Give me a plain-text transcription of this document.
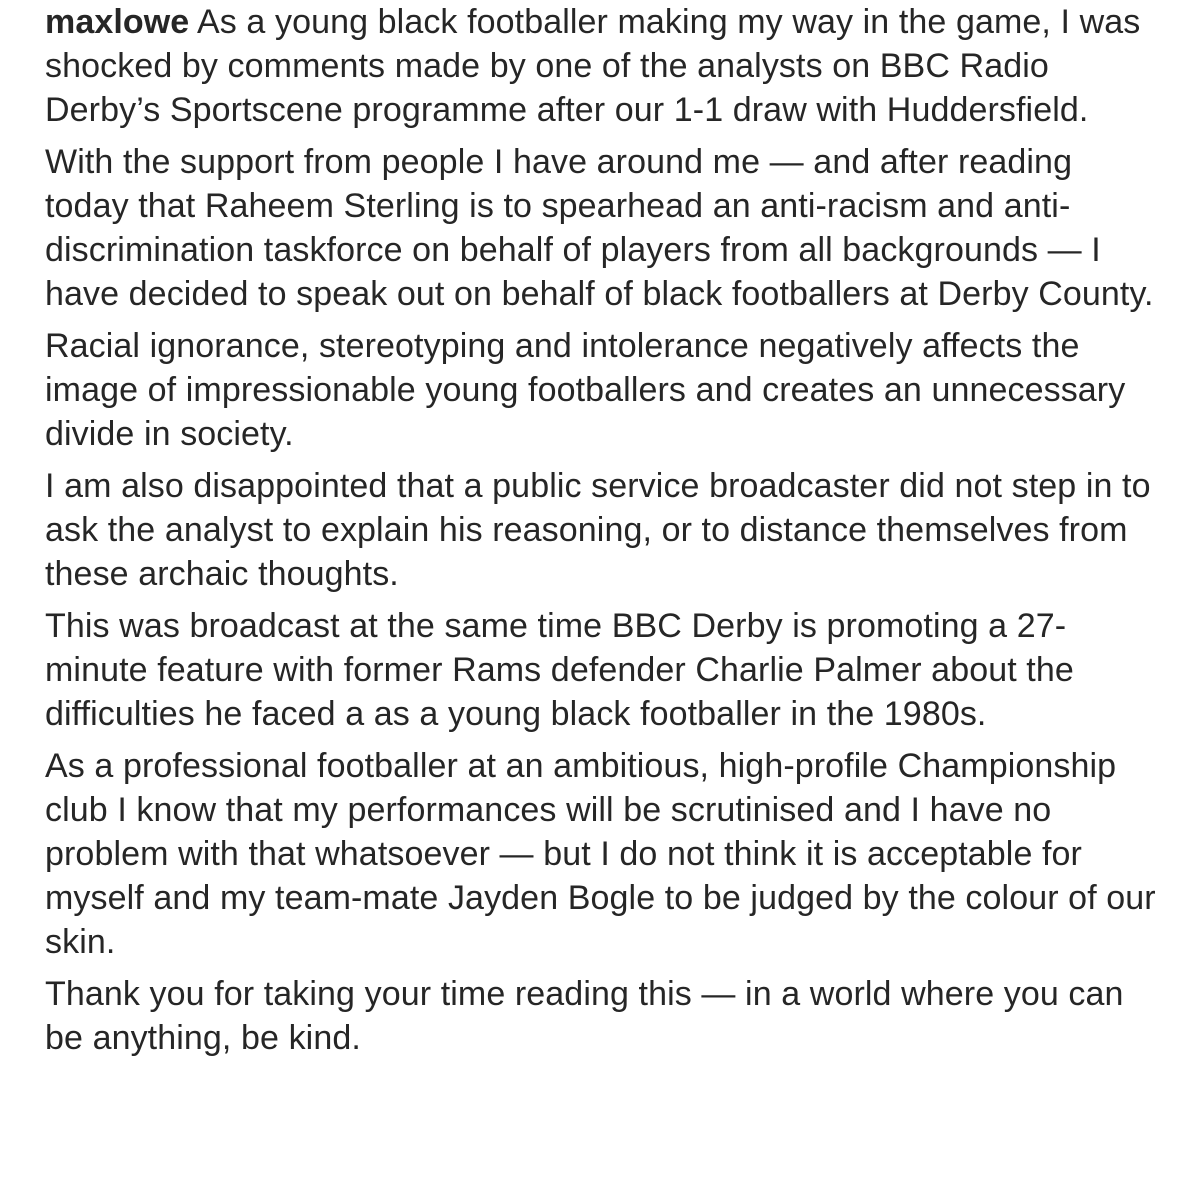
maxlowe As a young black footballer making my way in the game, I was shocked by comments made by one of the analysts on BBC Radio Derby’s Sportscene programme after our 1-1 draw with Huddersfield.

With the support from people I have around me — and after reading today that Raheem Sterling is to spearhead an anti-racism and anti-discrimination taskforce on behalf of players from all backgrounds — I have decided to speak out on behalf of black footballers at Derby County.

Racial ignorance, stereotyping and intolerance negatively affects the image of impressionable young footballers and creates an unnecessary divide in society.

I am also disappointed that a public service broadcaster did not step in to ask the analyst to explain his reasoning, or to distance themselves from these archaic thoughts.

This was broadcast at the same time BBC Derby is promoting a 27-minute feature with former Rams defender Charlie Palmer about the difficulties he faced a as a young black footballer in the 1980s.

As a professional footballer at an ambitious, high-profile Championship club I know that my performances will be scrutinised and I have no problem with that whatsoever — but I do not think it is acceptable for myself and my team-mate Jayden Bogle to be judged by the colour of our skin.

Thank you for taking your time reading this — in a world where you can be anything, be kind.
